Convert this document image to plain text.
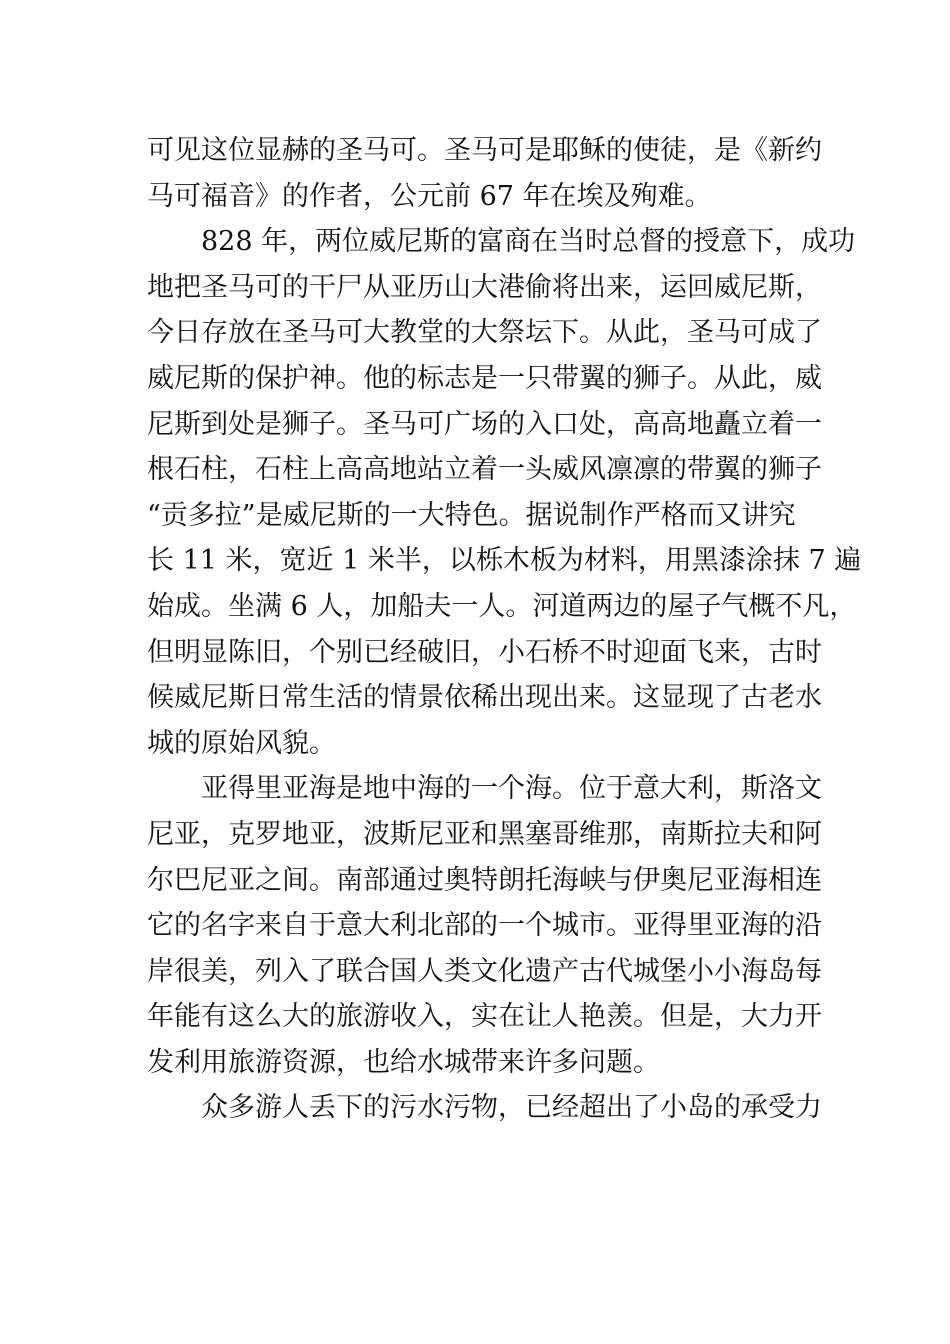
可见这位显赫的圣马可。圣马可是耶稣的使徒，是《新约
马可福音》的作者，公元前 67 年在埃及殉难。
828 年，两位威尼斯的富商在当时总督的授意下，成功
地把圣马可的干尸从亚历山大港偷将出来，运回威尼斯，
今日存放在圣马可大教堂的大祭坛下。从此，圣马可成了
威尼斯的保护神。他的标志是一只带翼的狮子。从此，威
尼斯到处是狮子。圣马可广场的入口处，高高地矗立着一
根石柱，石柱上高高地站立着一头威风凛凛的带翼的狮子
“贡多拉”是威尼斯的一大特色。据说制作严格而又讲究
长 11 米，宽近 1 米半，以栎木板为材料，用黑漆涂抹 7 遍
始成。坐满 6 人，加船夫一人。河道两边的屋子气概不凡，
但明显陈旧，个别已经破旧，小石桥不时迎面飞来，古时
候威尼斯日常生活的情景依稀出现出来。这显现了古老水
城的原始风貌。
亚得里亚海是地中海的一个海。位于意大利，斯洛文
尼亚，克罗地亚，波斯尼亚和黑塞哥维那，南斯拉夫和阿
尔巴尼亚之间。南部通过奥特朗托海峡与伊奥尼亚海相连
它的名字来自于意大利北部的一个城市。亚得里亚海的沿
岸很美，列入了联合国人类文化遗产古代城堡小小海岛每
年能有这么大的旅游收入，实在让人艳羡。但是，大力开
发利用旅游资源，也给水城带来许多问题。
众多游人丢下的污水污物，已经超出了小岛的承受力
